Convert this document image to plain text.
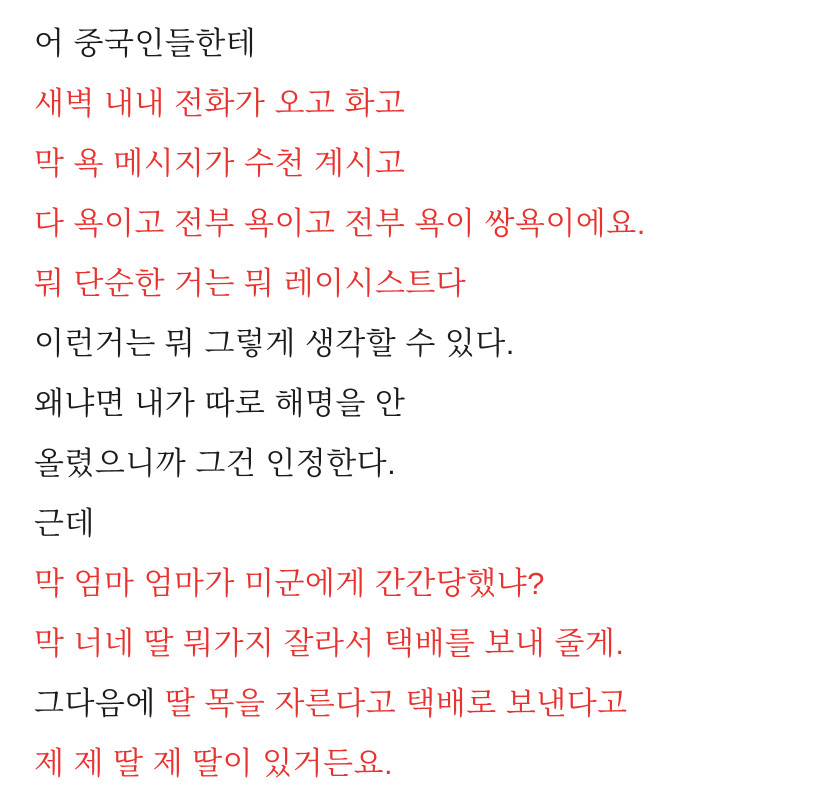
어 중국인들한테
새벽 내내 전화가 오고 화고
막 욕 메시지가 수천 계시고
다 욕이고 전부 욕이고 전부 욕이 쌍욕이에요.
뭐 단순한 거는 뭐 레이시스트다
이런거는 뭐 그렇게 생각할 수 있다.
왜냐면 내가 따로 해명을 안
올렸으니까 그건 인정한다.
근데
막 엄마 엄마가 미군에게 간간당했냐?
막 너네 딸 뭐가지 잘라서 택배를 보내 줄게.
그다음에 딸 목을 자른다고 택배로 보낸다고
제 제 딸 제 딸이 있거든요.
